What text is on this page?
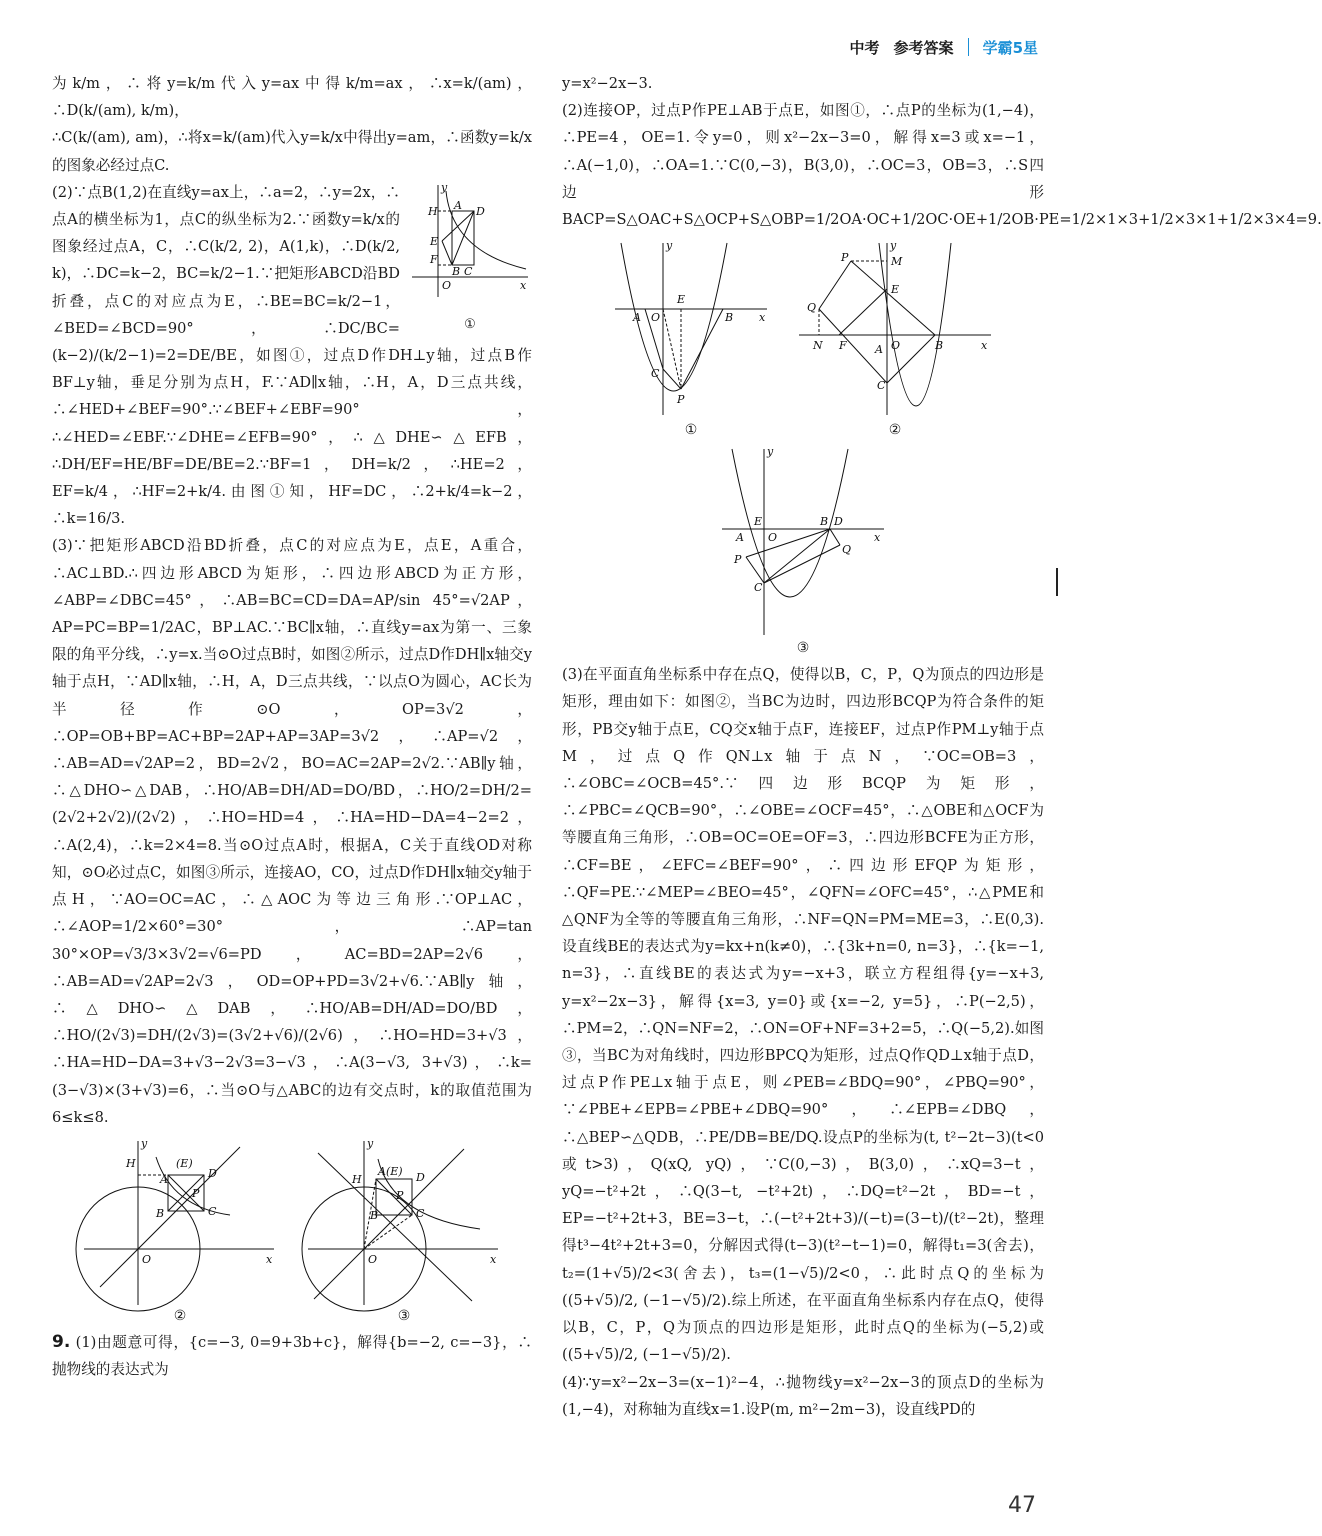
中考 参考答案 学霸5星

为k/m，∴将y=k/m代入y=ax中得k/m=ax，∴x=k/(am)，∴D(k/(am), k/m)，

∴C(k/(am), am)，∴将x=k/(am)代入y=k/x中得出y=am，∴函数y=k/x的图象必经过点C.

H A D
E
F
B C
O	x
y
①

(2)∵点B(1,2)在直线y=ax上，∴a=2，∴y=2x，∴点A的横坐标为1，点C的纵坐标为2.∵函数y=k/x的图象经过点A，C，∴C(k/2, 2)，A(1,k)，∴D(k/2, k)，∴DC=k−2，BC=k/2−1.∵把矩形ABCD沿BD折叠，点C的对应点为E，∴BE=BC=k/2−1，∠BED=∠BCD=90°，∴DC/BC=(k−2)/(k/2−1)=2=DE/BE，如图①，过点D作DH⊥y轴，过点B作BF⊥y轴，垂足分别为点H，F.∵AD∥x轴，∴H，A，D三点共线，∴∠HED+∠BEF=90°.∵∠BEF+∠EBF=90°，∴∠HED=∠EBF.∵∠DHE=∠EFB=90°，∴△DHE∽△EFB，∴DH/EF=HE/BF=DE/BE=2.∵BF=1，DH=k/2，∴HE=2，EF=k/4，∴HF=2+k/4.由图①知，HF=DC，∴2+k/4=k−2，∴k=16/3.

(3)∵把矩形ABCD沿BD折叠，点C的对应点为E，点E，A重合，∴AC⊥BD.∴四边形ABCD为矩形，∴四边形ABCD为正方形，∠ABP=∠DBC=45°，∴AB=BC=CD=DA=AP/sin 45°=√2AP，AP=PC=BP=1/2AC，BP⊥AC.∵BC∥x轴，∴直线y=ax为第一、三象限的角平分线，∴y=x.当⊙O过点B时，如图②所示，过点D作DH∥x轴交y轴于点H，∵AD∥x轴，∴H，A，D三点共线，∵以点O为圆心，AC长为半径作⊙O，OP=3√2，∴OP=OB+BP=AC+BP=2AP+AP=3AP=3√2，∴AP=√2，∴AB=AD=√2AP=2，BD=2√2，BO=AC=2AP=2√2.∵AB∥y轴，∴△DHO∽△DAB，∴HO/AB=DH/AD=DO/BD，∴HO/2=DH/2=(2√2+2√2)/(2√2)，∴HO=HD=4，∴HA=HD−DA=4−2=2，∴A(2,4)，∴k=2×4=8.当⊙O过点A时，根据A，C关于直线OD对称知，⊙O必过点C，如图③所示，连接AO，CO，过点D作DH∥x轴交y轴于点H，∵AO=OC=AC，∴△AOC为等边三角形.∵OP⊥AC，∴∠AOP=1/2×60°=30°，∴AP=tan 30°×OP=√3/3×3√2=√6=PD，AC=BD=2AP=2√6，∴AB=AD=√2AP=2√3，OD=OP+PD=3√2+√6.∵AB∥y轴，∴△DHO∽△DAB，∴HO/AB=DH/AD=DO/BD，∴HO/(2√3)=DH/(2√3)=(3√2+√6)/(2√6)，∴HO=HD=3+√3，∴HA=HD−DA=3+√3−2√3=3−√3，∴A(3−√3, 3+√3)，∴k=(3−√3)×(3+√3)=6，∴当⊙O与△ABC的边有交点时，k的取值范围为6≤k≤8.

H
A
(E)
D
P
C
B
O	x
y
②
H
A(E) D
P
C
B
O	x
y
③

9. (1)由题意可得，{c=−3, 0=9+3b+c}，解得{b=−2, c=−3}，∴抛物线的表达式为

y=x²−2x−3.

(2)连接OP，过点P作PE⊥AB于点E，如图①，∴点P的坐标为(1,−4)，∴PE=4，OE=1.令y=0，则x²−2x−3=0，解得x=3或x=−1，∴A(−1,0)，∴OA=1.∵C(0,−3)，B(3,0)，∴OC=3，OB=3，∴S四边形BACP=S△OAC+S△OCP+S△OBP=1/2OA·OC+1/2OC·OE+1/2OB·PE=1/2×1×3+1/2×3×1+1/2×3×4=9.

A O
E
B
C
P
x
y
①
P	M
E
Q
N F	A O	B
C
x
y
②
E
A O
B D
Q
P
C
x
y
③

(3)在平面直角坐标系中存在点Q，使得以B，C，P，Q为顶点的四边形是矩形，理由如下：如图②，当BC为边时，四边形BCQP为符合条件的矩形，PB交y轴于点E，CQ交x轴于点F，连接EF，过点P作PM⊥y轴于点M，过点Q作QN⊥x轴于点N，∵OC=OB=3，∴∠OBC=∠OCB=45°.∵四边形BCQP为矩形，∴∠PBC=∠QCB=90°，∴∠OBE=∠OCF=45°，∴△OBE和△OCF为等腰直角三角形，∴OB=OC=OE=OF=3，∴四边形BCFE为正方形，∴CF=BE，∠EFC=∠BEF=90°，∴四边形EFQP为矩形，∴QF=PE.∵∠MEP=∠BEO=45°，∠QFN=∠OFC=45°，∴△PME和△QNF为全等的等腰直角三角形，∴NF=QN=PM=ME=3，∴E(0,3).设直线BE的表达式为y=kx+n(k≠0)，∴{3k+n=0, n=3}，∴{k=−1, n=3}，∴直线BE的表达式为y=−x+3，联立方程组得{y=−x+3, y=x²−2x−3}，解得{x=3, y=0}或{x=−2, y=5}，∴P(−2,5)，∴PM=2，∴QN=NF=2，∴ON=OF+NF=3+2=5，∴Q(−5,2).如图③，当BC为对角线时，四边形BPCQ为矩形，过点Q作QD⊥x轴于点D，过点P作PE⊥x轴于点E，则∠PEB=∠BDQ=90°，∠PBQ=90°，∵∠PBE+∠EPB=∠PBE+∠DBQ=90°，∴∠EPB=∠DBQ，∴△BEP∽△QDB，∴PE/DB=BE/DQ.设点P的坐标为(t, t²−2t−3)(t<0或t>3)，Q(xQ, yQ)，∵C(0,−3)，B(3,0)，∴xQ=3−t，yQ=−t²+2t，∴Q(3−t, −t²+2t)，∴DQ=t²−2t，BD=−t，EP=−t²+2t+3，BE=3−t，∴(−t²+2t+3)/(−t)=(3−t)/(t²−2t)，整理得t³−4t²+2t+3=0，分解因式得(t−3)(t²−t−1)=0，解得t₁=3(舍去)，t₂=(1+√5)/2<3(舍去)，t₃=(1−√5)/2<0，∴此时点Q的坐标为((5+√5)/2, (−1−√5)/2).综上所述，在平面直角坐标系内存在点Q，使得以B，C，P，Q为顶点的四边形是矩形，此时点Q的坐标为(−5,2)或((5+√5)/2, (−1−√5)/2).

(4)∵y=x²−2x−3=(x−1)²−4，∴抛物线y=x²−2x−3的顶点D的坐标为(1,−4)，对称轴为直线x=1.设P(m, m²−2m−3)，设直线PD的

47
